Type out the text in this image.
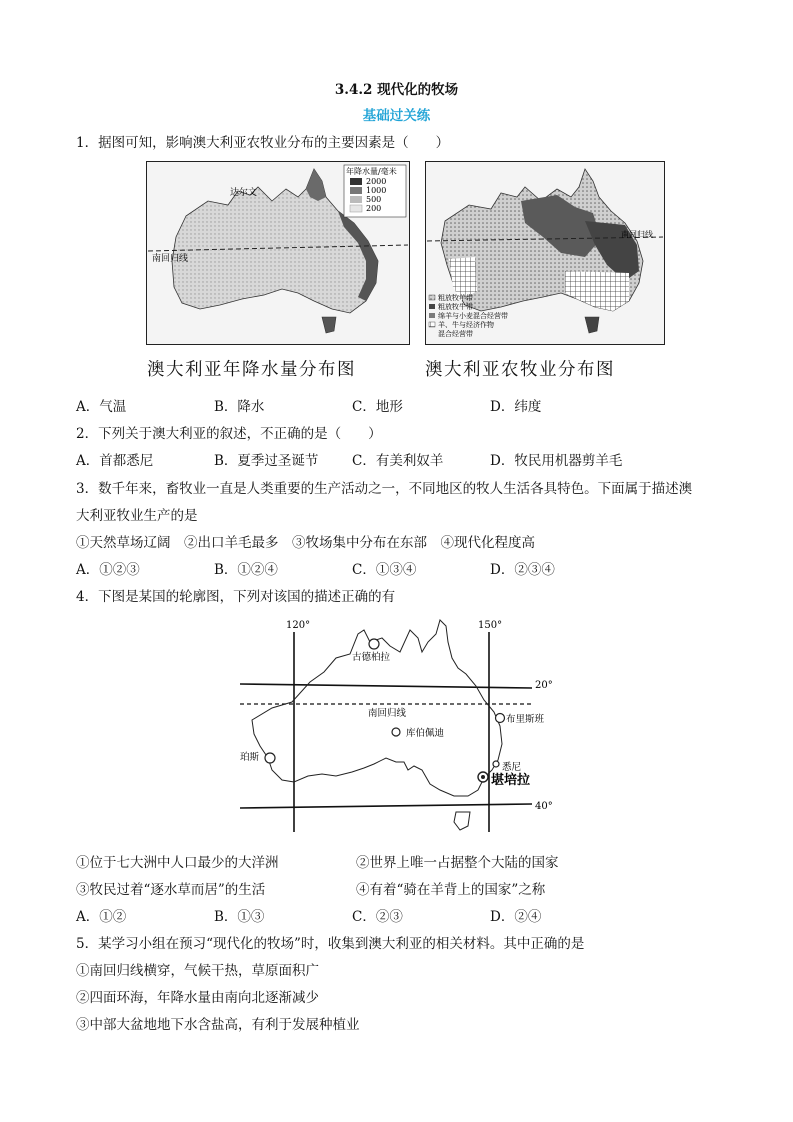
3.4.2 现代化的牧场
基础过关练
1．据图可知，影响澳大利亚农牧业分布的主要因素是（　　）
南回归线
达尔文
年降水量/毫米
2000
1000
500
200
南回归线
粗放牧羊带
粗放牧牛带
绵羊与小麦混合经营带
羊、牛与经济作物
混合经营带
澳大利亚年降水量分布图	澳大利亚农牧业分布图
A．气温	B．降水	C．地形	D．纬度
2．下列关于澳大利亚的叙述，不正确的是（　　）
A．首都悉尼	B．夏季过圣诞节 C．有美利奴羊	D．牧民用机器剪羊毛
3．数千年来，畜牧业一直是人类重要的生产活动之一，不同地区的牧人生活各具特色。下面属于描述澳
大利亚牧业生产的是
①天然草场辽阔　②出口羊毛最多　③牧场集中分布在东部　④现代化程度高
A．①②③	B．①②④	C．①③④	D．②③④
4．下图是某国的轮廓图，下列对该国的描述正确的有
120°	150°
20°
40°
南回归线
古德柏拉
库伯佩迪
布里斯班
珀斯
悉尼
堪培拉
①位于七大洲中人口最少的大洋洲	②世界上唯一占据整个大陆的国家
③牧民过着“逐水草而居”的生活	④有着“骑在羊背上的国家”之称
A．①②	B．①③	C．②③	D．②④
5．某学习小组在预习“现代化的牧场”时，收集到澳大利亚的相关材料。其中正确的是
①南回归线横穿，气候干热，草原面积广
②四面环海，年降水量由南向北逐渐减少
③中部大盆地地下水含盐高，有利于发展种植业
